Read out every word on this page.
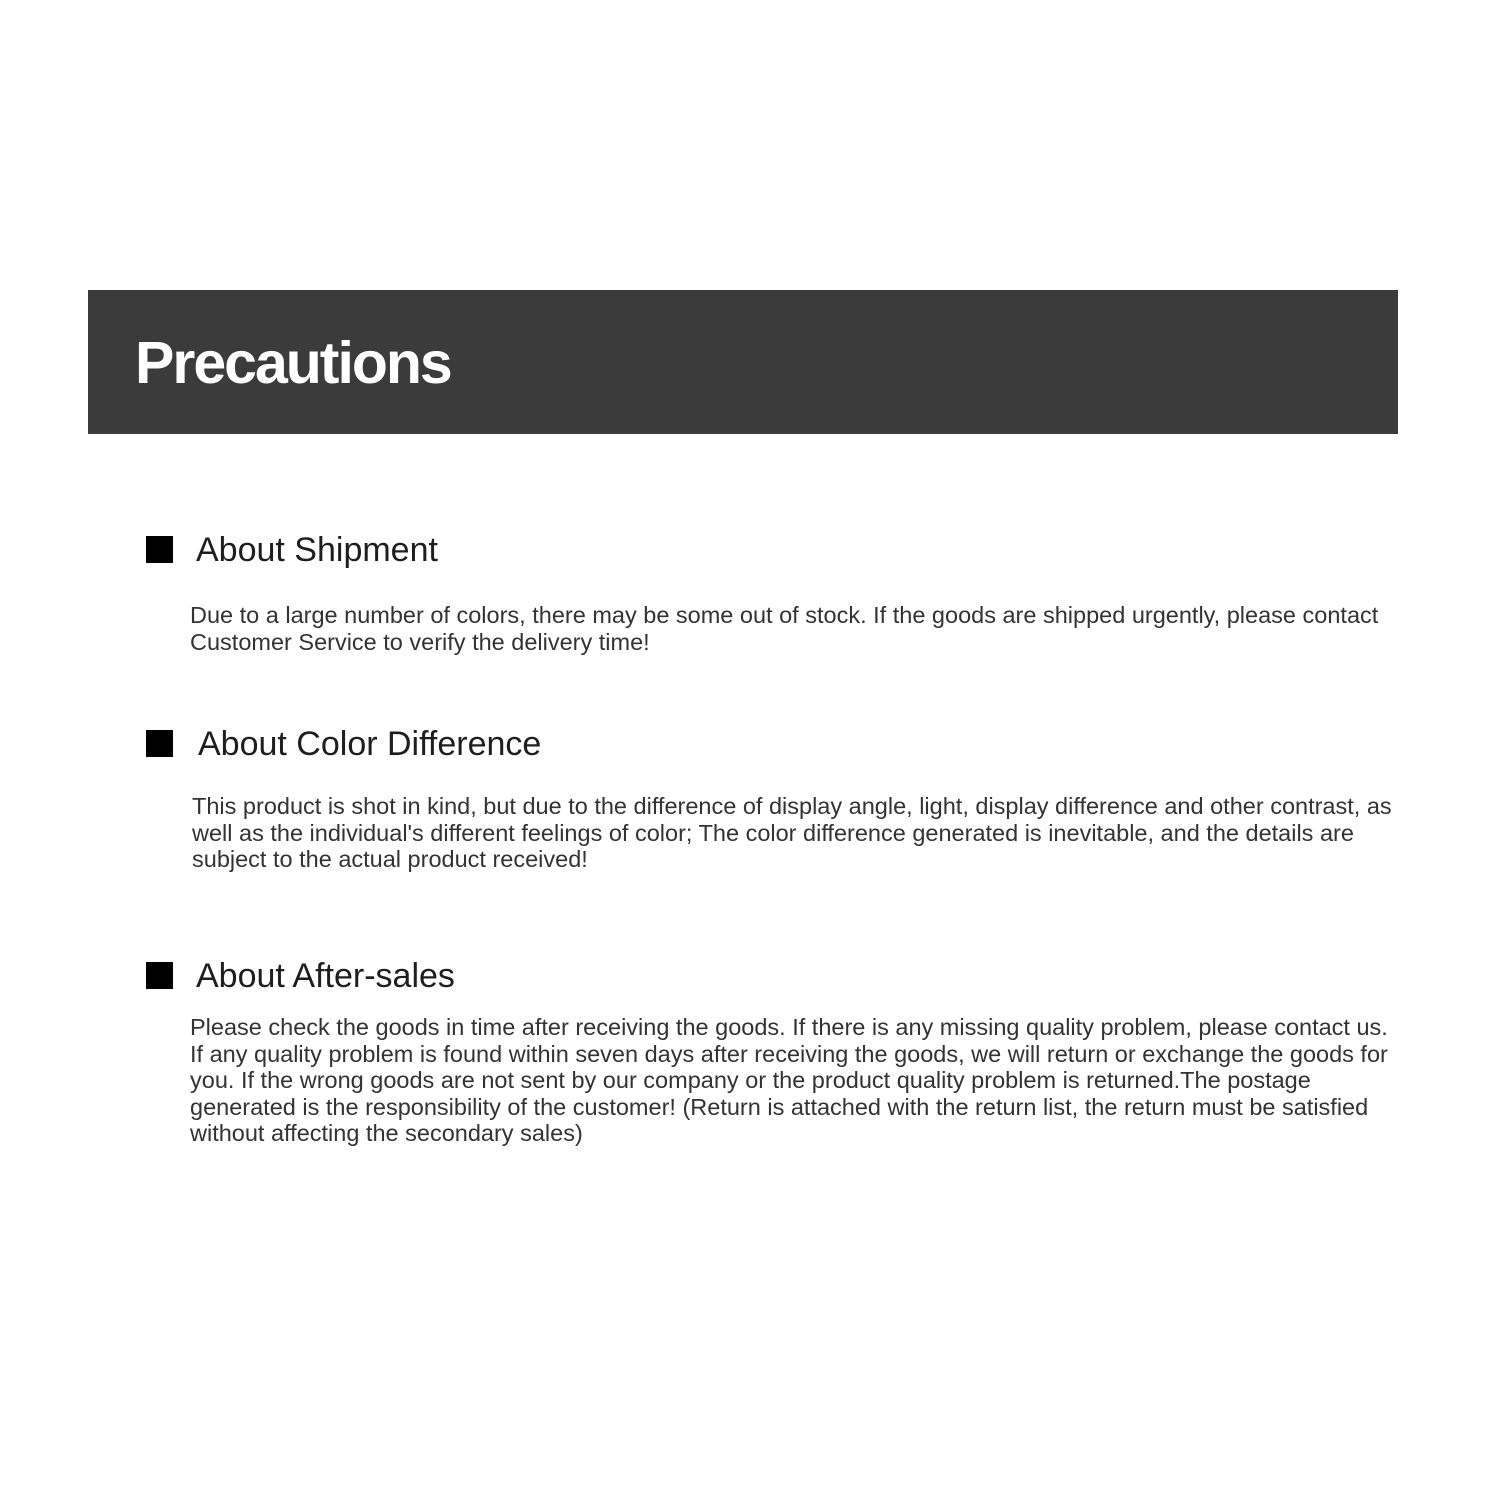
Precautions
About Shipment

Due to a large number of colors, there may be some out of stock. If the goods are shipped urgently, please contact Customer Service to verify the delivery time!

About Color Difference

This product is shot in kind, but due to the difference of display angle, light, display difference and other contrast, as well as the individual's different feelings of color; The color difference generated is inevitable, and the details are subject to the actual product received!

About After-sales

Please check the goods in time after receiving the goods. If there is any missing quality problem, please contact us. If any quality problem is found within seven days after receiving the goods, we will return or exchange the goods for you. If the wrong goods are not sent by our company or the product quality problem is returned.The postage generated is the responsibility of the customer! (Return is attached with the return list, the return must be satisfied without affecting the secondary sales)
